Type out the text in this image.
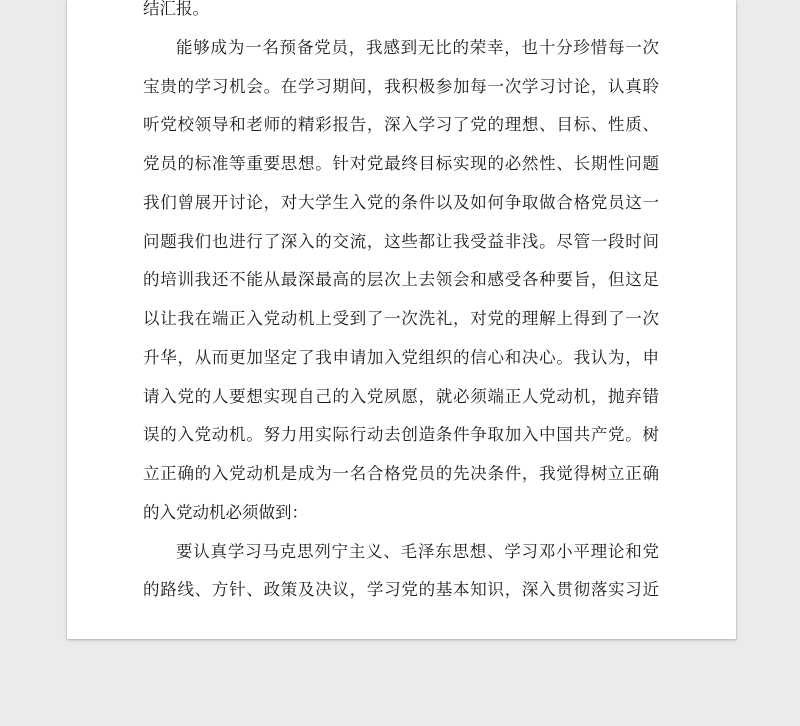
结汇报。
能够成为一名预备党员，我感到无比的荣幸，也十分珍惜每一次
宝贵的学习机会。在学习期间，我积极参加每一次学习讨论，认真聆
听党校领导和老师的精彩报告，深入学习了党的理想、目标、性质、
党员的标准等重要思想。针对党最终目标实现的必然性、长期性问题
我们曾展开讨论，对大学生入党的条件以及如何争取做合格党员这一
问题我们也进行了深入的交流，这些都让我受益非浅。尽管一段时间
的培训我还不能从最深最高的层次上去领会和感受各种要旨，但这足
以让我在端正入党动机上受到了一次洗礼，对党的理解上得到了一次
升华，从而更加坚定了我申请加入党组织的信心和决心。我认为，申
请入党的人要想实现自己的入党夙愿，就必须端正人党动机，抛弃错
误的入党动机。努力用实际行动去创造条件争取加入中国共产党。树
立正确的入党动机是成为一名合格党员的先决条件，我觉得树立正确
的入党动机必须做到：
要认真学习马克思列宁主义、毛泽东思想、学习邓小平理论和党
的路线、方针、政策及决议，学习党的基本知识，深入贯彻落实习近
